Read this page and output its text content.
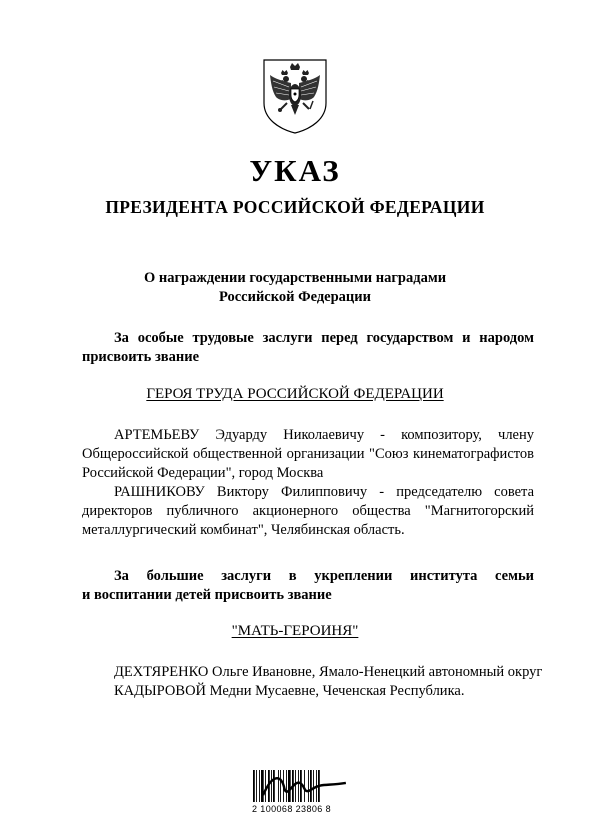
УКАЗ
ПРЕЗИДЕНТА РОССИЙСКОЙ ФЕДЕРАЦИИ
О награждении государственными наградами
Российской Федерации

За особые трудовые заслуги перед государством и народом
присвоить звание

ГЕРОЯ ТРУДА РОССИЙСКОЙ ФЕДЕРАЦИИ

АРТЕМЬЕВУ Эдуарду Николаевичу - композитору, члену
Общероссийской общественной организации "Союз кинематографистов
Российской Федерации", город Москва
РАШНИКОВУ Виктору Филипповичу - председателю совета
директоров публичного акционерного общества "Магнитогорский
металлургический комбинат", Челябинская область.

За большие заслуги в укреплении института семьи
и воспитании детей присвоить звание

"МАТЬ-ГЕРОИНЯ"

ДЕХТЯРЕНКО Ольге Ивановне, Ямало-Ненецкий автономный округ
КАДЫРОВОЙ Медни Мусаевне, Чеченская Республика.
2 100068 23806 8
